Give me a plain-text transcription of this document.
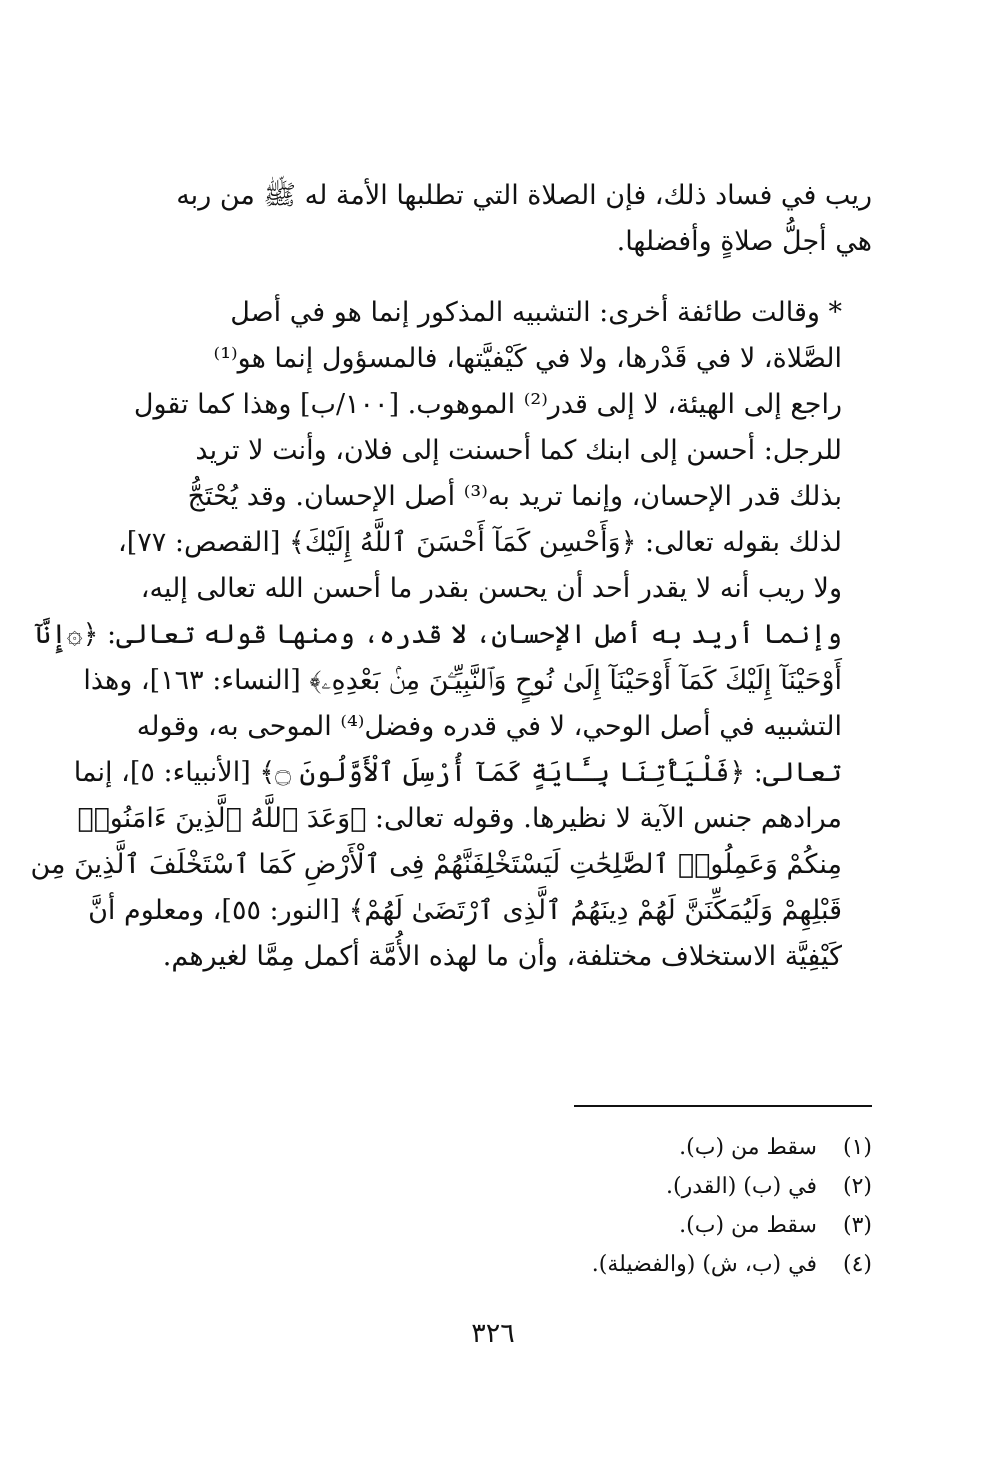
ريب في فساد ذلك، فإن الصلاة التي تطلبها الأمة له ﷺ من ربه
هي أجلُّ صلاةٍ وأفضلها.
* وقالت طائفة أخرى: التشبيه المذكور إنما هو في أصل
الصَّلاة، لا في قَدْرها، ولا في كَيْفيَّتها، فالمسؤول إنما هو⁽¹⁾
راجع إلى الهيئة، لا إلى قدر⁽²⁾ الموهوب. [١٠٠/ب] وهذا كما تقول
للرجل: أحسن إلى ابنك كما أحسنت إلى فلان، وأنت لا تريد
بذلك قدر الإحسان، وإنما تريد به⁽³⁾ أصل الإحسان. وقد يُحْتَجُّ
لذلك بقوله تعالى: ﴿وَأَحْسِن كَمَآ أَحْسَنَ ٱللَّهُ إِلَيْكَ﴾ [القصص: ٧٧]،
ولا ريب أنه لا يقدر أحد أن يحسن بقدر ما أحسن الله تعالى إليه،
وإنما أريد به أصل الإحسان، لا قدره، ومنها قوله تعالى: ﴿۞إِنَّآ
أَوْحَيْنَآ إِلَيْكَ كَمَآ أَوْحَيْنَآ إِلَىٰ نُوحٍ وَٱلنَّبِيِّـۧنَ مِنۢ بَعْدِهِۦ﴾ [النساء: ١٦٣]، وهذا
التشبيه في أصل الوحي، لا في قدره وفضل⁽⁴⁾ الموحى به، وقوله
تعالى: ﴿فَلْيَأْتِنَا بِـَٔايَةٍ كَمَآ أُرْسِلَ ٱلْأَوَّلُونَ ۝﴾ [الأنبياء: ٥]، إنما
مرادهم جنس الآية لا نظيرها. وقوله تعالى: ﴿وَعَدَ ٱللَّهُ ٱلَّذِينَ ءَامَنُوا۟
مِنكُمْ وَعَمِلُوا۟ ٱلصَّٰلِحَٰتِ لَيَسْتَخْلِفَنَّهُمْ فِى ٱلْأَرْضِ كَمَا ٱسْتَخْلَفَ ٱلَّذِينَ مِن
قَبْلِهِمْ وَلَيُمَكِّنَنَّ لَهُمْ دِينَهُمُ ٱلَّذِى ٱرْتَضَىٰ لَهُمْ﴾ [النور: ٥٥]، ومعلوم أنَّ
كَيْفِيَّة الاستخلاف مختلفة، وأن ما لهذه الأُمَّة أكمل مِمَّا لغيرهم.
(١) سقط من (ب).
(٢) في (ب) (القدر).
(٣) سقط من (ب).
(٤) في (ب، ش) (والفضيلة).
٣٢٦
